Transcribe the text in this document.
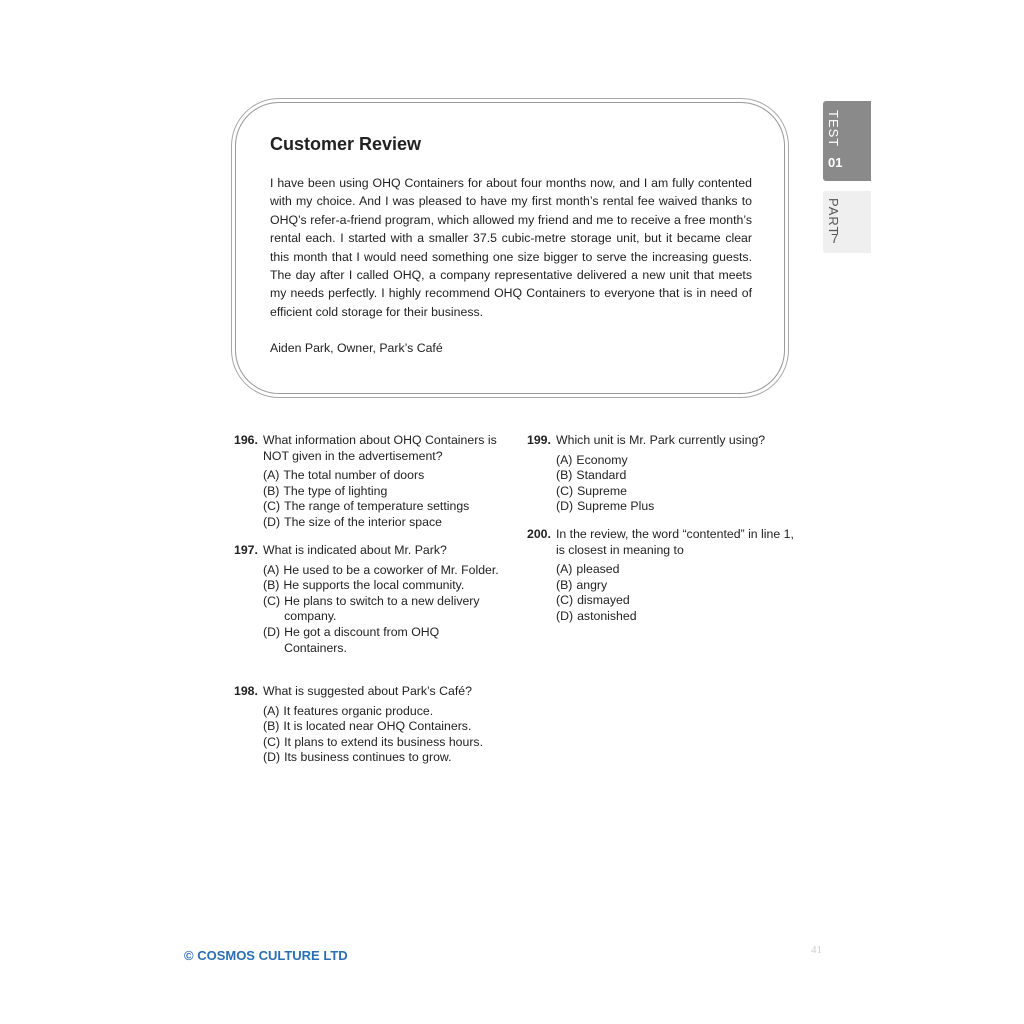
TEST
01
PART
7
Customer Review
I have been using OHQ Containers for about four months now, and I am fully contented with my choice. And I was pleased to have my first month’s rental fee waived thanks to OHQ’s refer-a-friend program, which allowed my friend and me to receive a free month’s rental each. I started with a smaller 37.5 cubic-metre storage unit, but it became clear this month that I would need something one size bigger to serve the increasing guests. The day after I called OHQ, a company representative delivered a new unit that meets my needs perfectly. I highly recommend OHQ Containers to everyone that is in need of efficient cold storage for their business.
Aiden Park, Owner, Park’s Café
196. What information about OHQ Containers is NOT given in the advertisement?
(A) The total number of doors
(B) The type of lighting
(C) The range of temperature settings
(D) The size of the interior space
197. What is indicated about Mr. Park?
(A) He used to be a coworker of Mr. Folder.
(B) He supports the local community.
(C) He plans to switch to a new delivery company.
(D) He got a discount from OHQ Containers.
198. What is suggested about Park’s Café?
(A) It features organic produce.
(B) It is located near OHQ Containers.
(C) It plans to extend its business hours.
(D) Its business continues to grow.
199. Which unit is Mr. Park currently using?
(A) Economy
(B) Standard
(C) Supreme
(D) Supreme Plus
200. In the review, the word “contented” in line 1, is closest in meaning to
(A) pleased
(B) angry
(C) dismayed
(D) astonished
© COSMOS CULTURE LTD	41
